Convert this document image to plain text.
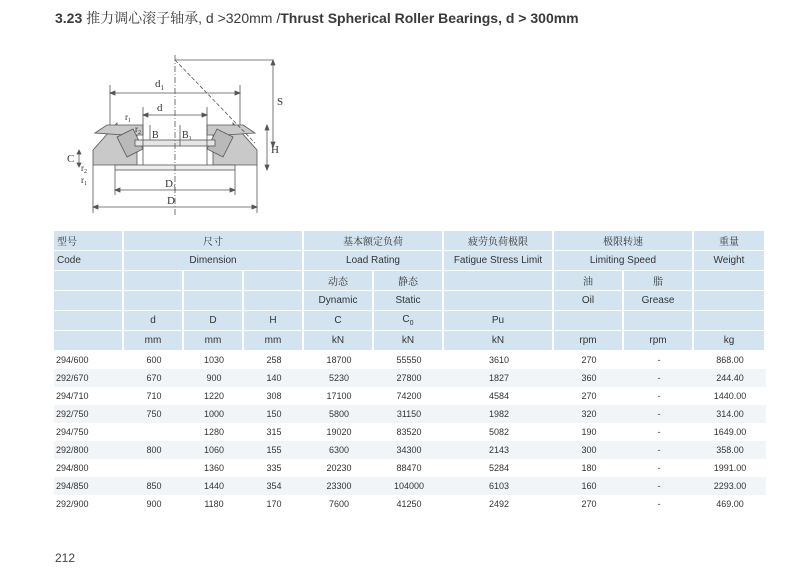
3.23 推力调心滚子轴承, d >320mm /Thrust Spherical Roller Bearings, d > 300mm
$d_1$
d
$r_1$
$r_2$ B $B_1$
S
H
C
$r_2$
$r_1$	$D_1$
D
型号	尺寸			基本额定负荷		疲劳负荷极限	极限转速		重量
Code	Dimension			Load Rating		Fatigue Stress Limit	Limiting Speed		Weight
				动态	静态		油	脂	
				Dynamic	Static		Oil	Grease	
	d	D	H	C	$C_0$	Pu			
	mm	mm	mm	kN	kN	kN	rpm	rpm	kg
294/600	600	1030	258	18700	55550	3610	270	-	868.00
292/670	670	900	140	5230	27800	1827	360	-	244.40
294/710	710	1220	308	17100	74200	4584	270	-	1440.00
292/750	750	1000	150	5800	31150	1982	320	-	314.00
294/750		1280	315	19020	83520	5082	190	-	1649.00
292/800	800	1060	155	6300	34300	2143	300	-	358.00
294/800		1360	335	20230	88470	5284	180	-	1991.00
294/850	850	1440	354	23300	104000	6103	160	-	2293.00
292/900	900	1180	170	7600	41250	2492	270	-	469.00
212
